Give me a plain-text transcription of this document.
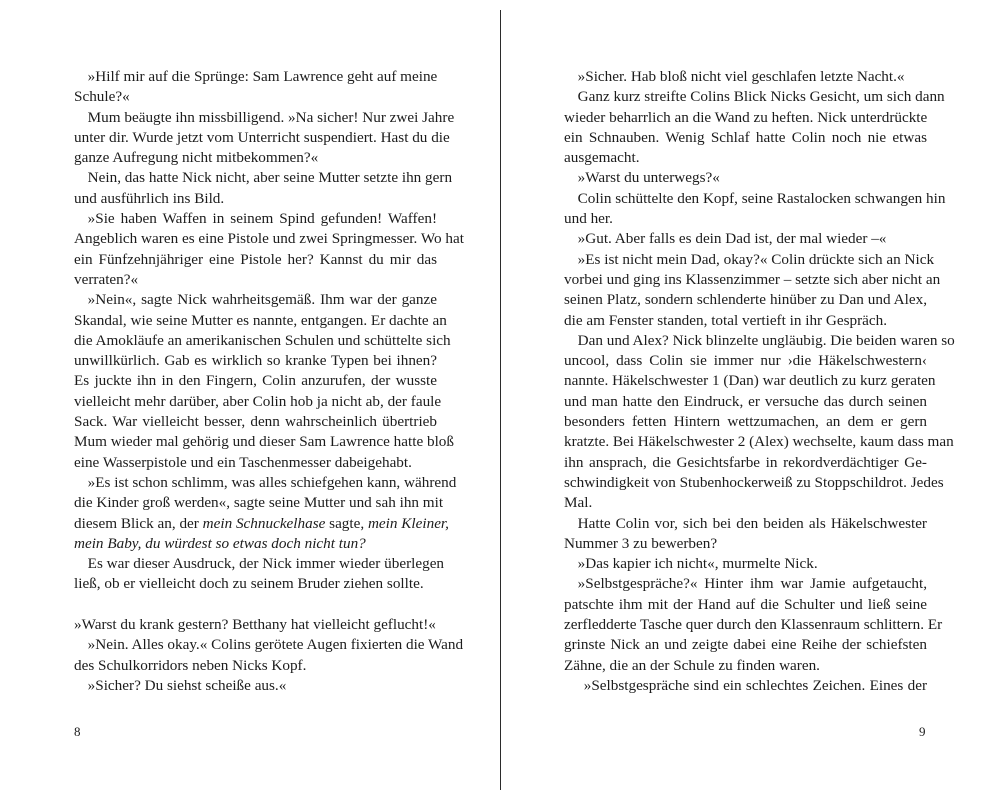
»Hilf mir auf die Sprünge: Sam Lawrence geht auf meine
Schule?«
Mum beäugte ihn missbilligend. »Na sicher! Nur zwei Jahre
unter dir. Wurde jetzt vom Unterricht suspendiert. Hast du die
ganze Aufregung nicht mitbekommen?«
Nein, das hatte Nick nicht, aber seine Mutter setzte ihn gern
und ausführlich ins Bild.
»Sie haben Waffen in seinem Spind gefunden! Waffen!
Angeblich waren es eine Pistole und zwei Springmesser. Wo hat
ein Fünfzehnjähriger eine Pistole her? Kannst du mir das
verraten?«
»Nein«, sagte Nick wahrheitsgemäß. Ihm war der ganze
Skandal, wie seine Mutter es nannte, entgangen. Er dachte an
die Amokläufe an amerikanischen Schulen und schüttelte sich
unwillkürlich. Gab es wirklich so kranke Typen bei ihnen?
Es juckte ihn in den Fingern, Colin anzurufen, der wusste
vielleicht mehr darüber, aber Colin hob ja nicht ab, der faule
Sack. War vielleicht besser, denn wahrscheinlich übertrieb
Mum wieder mal gehörig und dieser Sam Lawrence hatte bloß
eine Wasserpistole und ein Taschenmesser dabeigehabt.
»Es ist schon schlimm, was alles schiefgehen kann, während
die Kinder groß werden«, sagte seine Mutter und sah ihn mit
diesem Blick an, der mein Schnuckelhase sagte, mein Kleiner,
mein Baby, du würdest so etwas doch nicht tun?
Es war dieser Ausdruck, der Nick immer wieder überlegen
ließ, ob er vielleicht doch zu seinem Bruder ziehen sollte.
»Warst du krank gestern? Betthany hat vielleicht geflucht!«
»Nein. Alles okay.« Colins gerötete Augen fixierten die Wand
des Schulkorridors neben Nicks Kopf.
»Sicher? Du siehst scheiße aus.«
»Sicher. Hab bloß nicht viel geschlafen letzte Nacht.«
Ganz kurz streifte Colins Blick Nicks Gesicht, um sich dann
wieder beharrlich an die Wand zu heften. Nick unterdrückte
ein Schnauben. Wenig Schlaf hatte Colin noch nie etwas
ausgemacht.
»Warst du unterwegs?«
Colin schüttelte den Kopf, seine Rastalocken schwangen hin
und her.
»Gut. Aber falls es dein Dad ist, der mal wieder –«
»Es ist nicht mein Dad, okay?« Colin drückte sich an Nick
vorbei und ging ins Klassenzimmer – setzte sich aber nicht an
seinen Platz, sondern schlenderte hinüber zu Dan und Alex,
die am Fenster standen, total vertieft in ihr Gespräch.
Dan und Alex? Nick blinzelte ungläubig. Die beiden waren so
uncool, dass Colin sie immer nur ›die Häkelschwestern‹
nannte. Häkelschwester 1 (Dan) war deutlich zu kurz geraten
und man hatte den Eindruck, er versuche das durch seinen
besonders fetten Hintern wettzumachen, an dem er gern
kratzte. Bei Häkelschwester 2 (Alex) wechselte, kaum dass man
ihn ansprach, die Gesichtsfarbe in rekordverdächtiger Ge-
schwindigkeit von Stubenhockerweiß zu Stoppschildrot. Jedes
Mal.
Hatte Colin vor, sich bei den beiden als Häkelschwester
Nummer 3 zu bewerben?
»Das kapier ich nicht«, murmelte Nick.
»Selbstgespräche?« Hinter ihm war Jamie aufgetaucht,
patschte ihm mit der Hand auf die Schulter und ließ seine
zerfledderte Tasche quer durch den Klassenraum schlittern. Er
grinste Nick an und zeigte dabei eine Reihe der schiefsten
Zähne, die an der Schule zu finden waren.
»Selbstgespräche sind ein schlechtes Zeichen. Eines der
8	9
